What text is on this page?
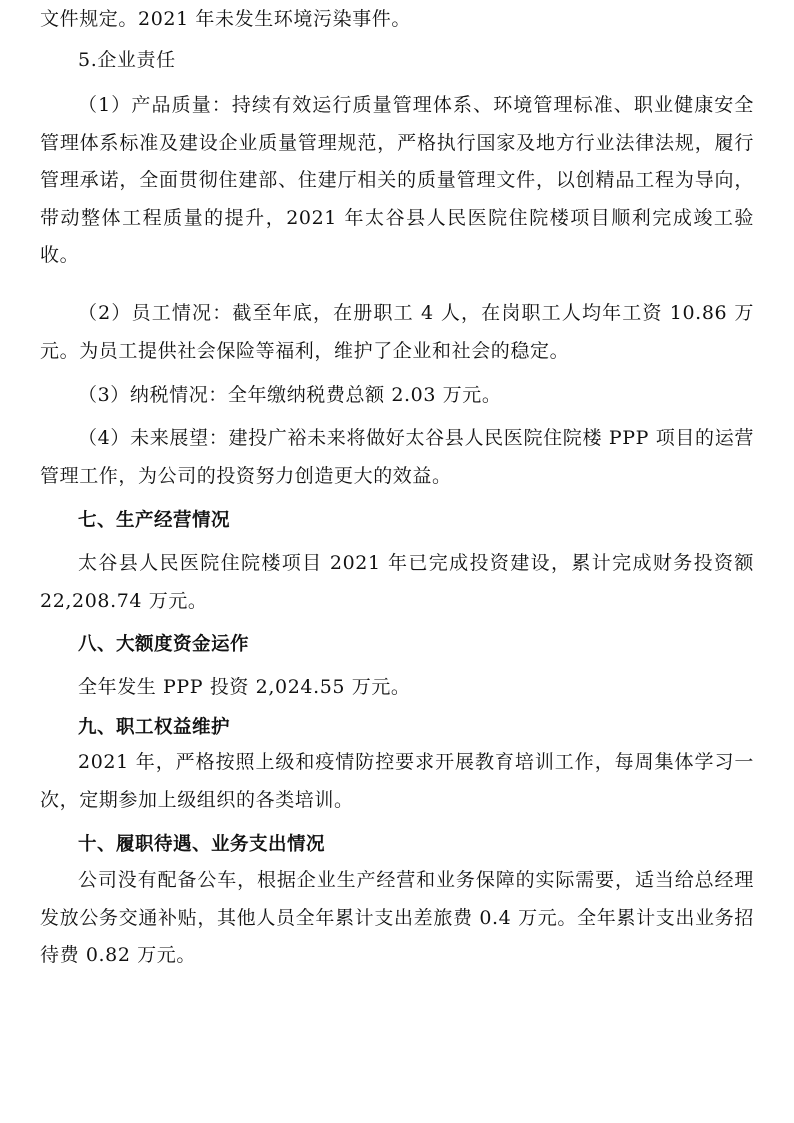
文件规定。2021 年未发生环境污染事件。

5.企业责任

（1）产品质量：持续有效运行质量管理体系、环境管理标准、职业健康安全管理体系标准及建设企业质量管理规范，严格执行国家及地方行业法律法规，履行管理承诺，全面贯彻住建部、住建厅相关的质量管理文件，以创精品工程为导向，带动整体工程质量的提升，2021 年太谷县人民医院住院楼项目顺利完成竣工验收。

（2）员工情况：截至年底，在册职工 4 人，在岗职工人均年工资 10.86 万元。为员工提供社会保险等福利，维护了企业和社会的稳定。

（3）纳税情况：全年缴纳税费总额 2.03 万元。

（4）未来展望：建投广裕未来将做好太谷县人民医院住院楼 PPP 项目的运营管理工作，为公司的投资努力创造更大的效益。

七、生产经营情况

太谷县人民医院住院楼项目 2021 年已完成投资建设，累计完成财务投资额 22,208.74 万元。

八、大额度资金运作

全年发生 PPP 投资 2,024.55 万元。

九、职工权益维护

2021 年，严格按照上级和疫情防控要求开展教育培训工作，每周集体学习一次，定期参加上级组织的各类培训。

十、履职待遇、业务支出情况

公司没有配备公车，根据企业生产经营和业务保障的实际需要，适当给总经理发放公务交通补贴，其他人员全年累计支出差旅费 0.4 万元。全年累计支出业务招待费 0.82 万元。
